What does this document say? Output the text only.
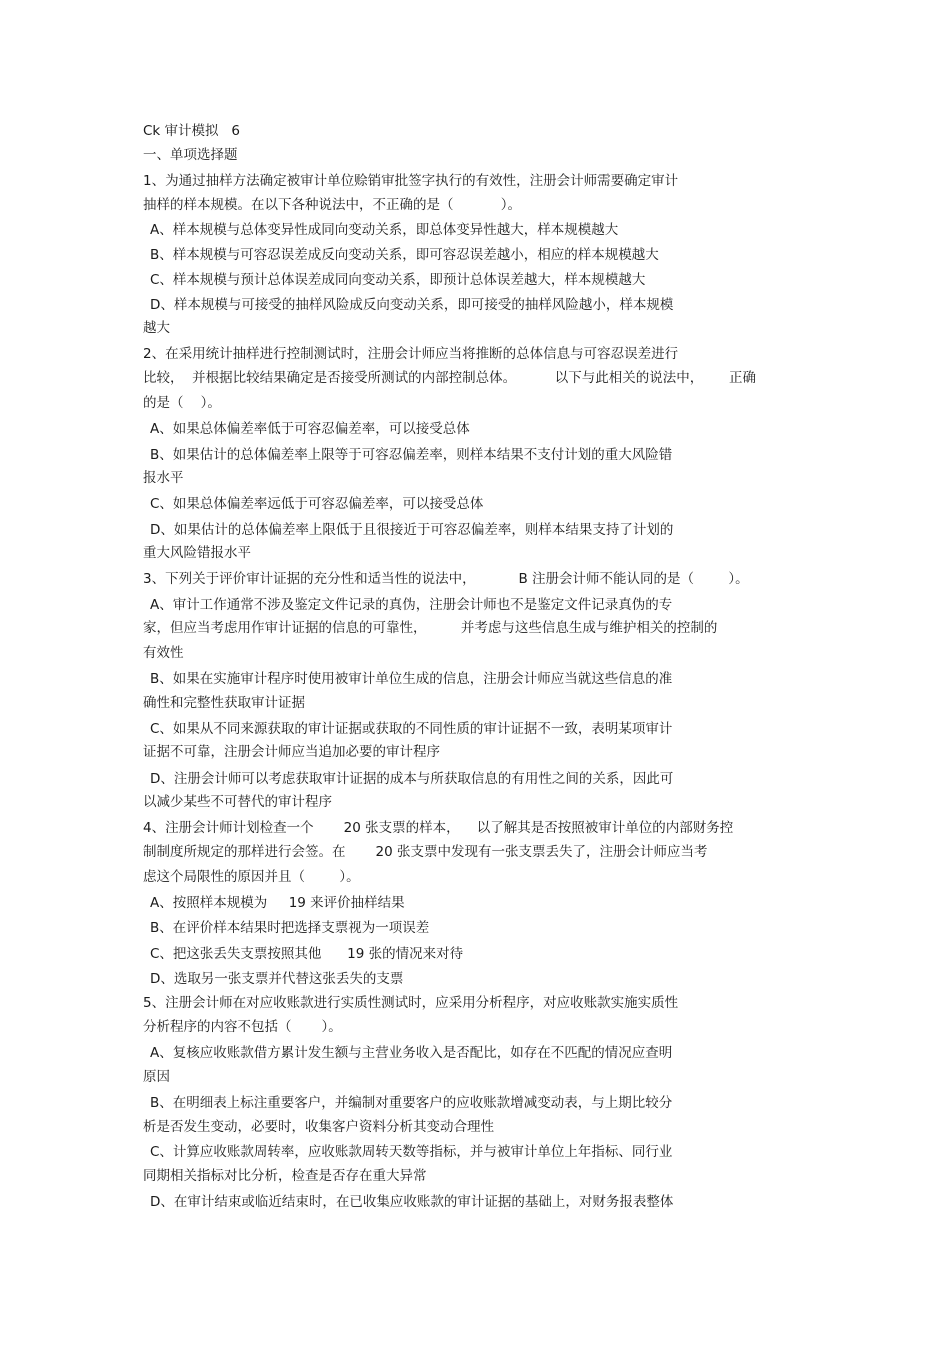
Ck 审计模拟   6
一、单项选择题
1、为通过抽样方法确定被审计单位赊销审批签字执行的有效性，注册会计师需要确定审计
抽样的样本规模。在以下各种说法中，不正确的是（           ）。
A、样本规模与总体变异性成同向变动关系，即总体变异性越大，样本规模越大
B、样本规模与可容忍误差成反向变动关系，即可容忍误差越小，相应的样本规模越大
C、样本规模与预计总体误差成同向变动关系，即预计总体误差越大，样本规模越大
D、样本规模与可接受的抽样风险成反向变动关系，即可接受的抽样风险越小，样本规模
越大
2、在采用统计抽样进行控制测试时，注册会计师应当将推断的总体信息与可容忍误差进行
比较，  并根据比较结果确定是否接受所测试的内部控制总体。         以下与此相关的说法中，      正确
的是（    ）。
A、如果总体偏差率低于可容忍偏差率，可以接受总体
B、如果估计的总体偏差率上限等于可容忍偏差率，则样本结果不支付计划的重大风险错
报水平
C、如果总体偏差率远低于可容忍偏差率，可以接受总体
D、如果估计的总体偏差率上限低于且很接近于可容忍偏差率，则样本结果支持了计划的
重大风险错报水平
3、下列关于评价审计证据的充分性和适当性的说法中，          B 注册会计师不能认同的是（        ）。
A、审计工作通常不涉及鉴定文件记录的真伪，注册会计师也不是鉴定文件记录真伪的专
家，但应当考虑用作审计证据的信息的可靠性，        并考虑与这些信息生成与维护相关的控制的
有效性
B、如果在实施审计程序时使用被审计单位生成的信息，注册会计师应当就这些信息的准
确性和完整性获取审计证据
C、如果从不同来源获取的审计证据或获取的不同性质的审计证据不一致，表明某项审计
证据不可靠，注册会计师应当追加必要的审计程序
D、注册会计师可以考虑获取审计证据的成本与所获取信息的有用性之间的关系，因此可
以减少某些不可替代的审计程序
4、注册会计师计划检查一个       20 张支票的样本，    以了解其是否按照被审计单位的内部财务控
制制度所规定的那样进行会签。在       20 张支票中发现有一张支票丢失了，注册会计师应当考
虑这个局限性的原因并且（        ）。
A、按照样本规模为     19 来评价抽样结果
B、在评价样本结果时把选择支票视为一项误差
C、把这张丢失支票按照其他      19 张的情况来对待
D、选取另一张支票并代替这张丢失的支票
5、注册会计师在对应收账款进行实质性测试时，应采用分析程序，对应收账款实施实质性
分析程序的内容不包括（       ）。
A、复核应收账款借方累计发生额与主营业务收入是否配比，如存在不匹配的情况应查明
原因
B、在明细表上标注重要客户，并编制对重要客户的应收账款增减变动表，与上期比较分
析是否发生变动，必要时，收集客户资料分析其变动合理性
C、计算应收账款周转率，应收账款周转天数等指标，并与被审计单位上年指标、同行业
同期相关指标对比分析，检查是否存在重大异常
D、在审计结束或临近结束时，在已收集应收账款的审计证据的基础上，对财务报表整体
